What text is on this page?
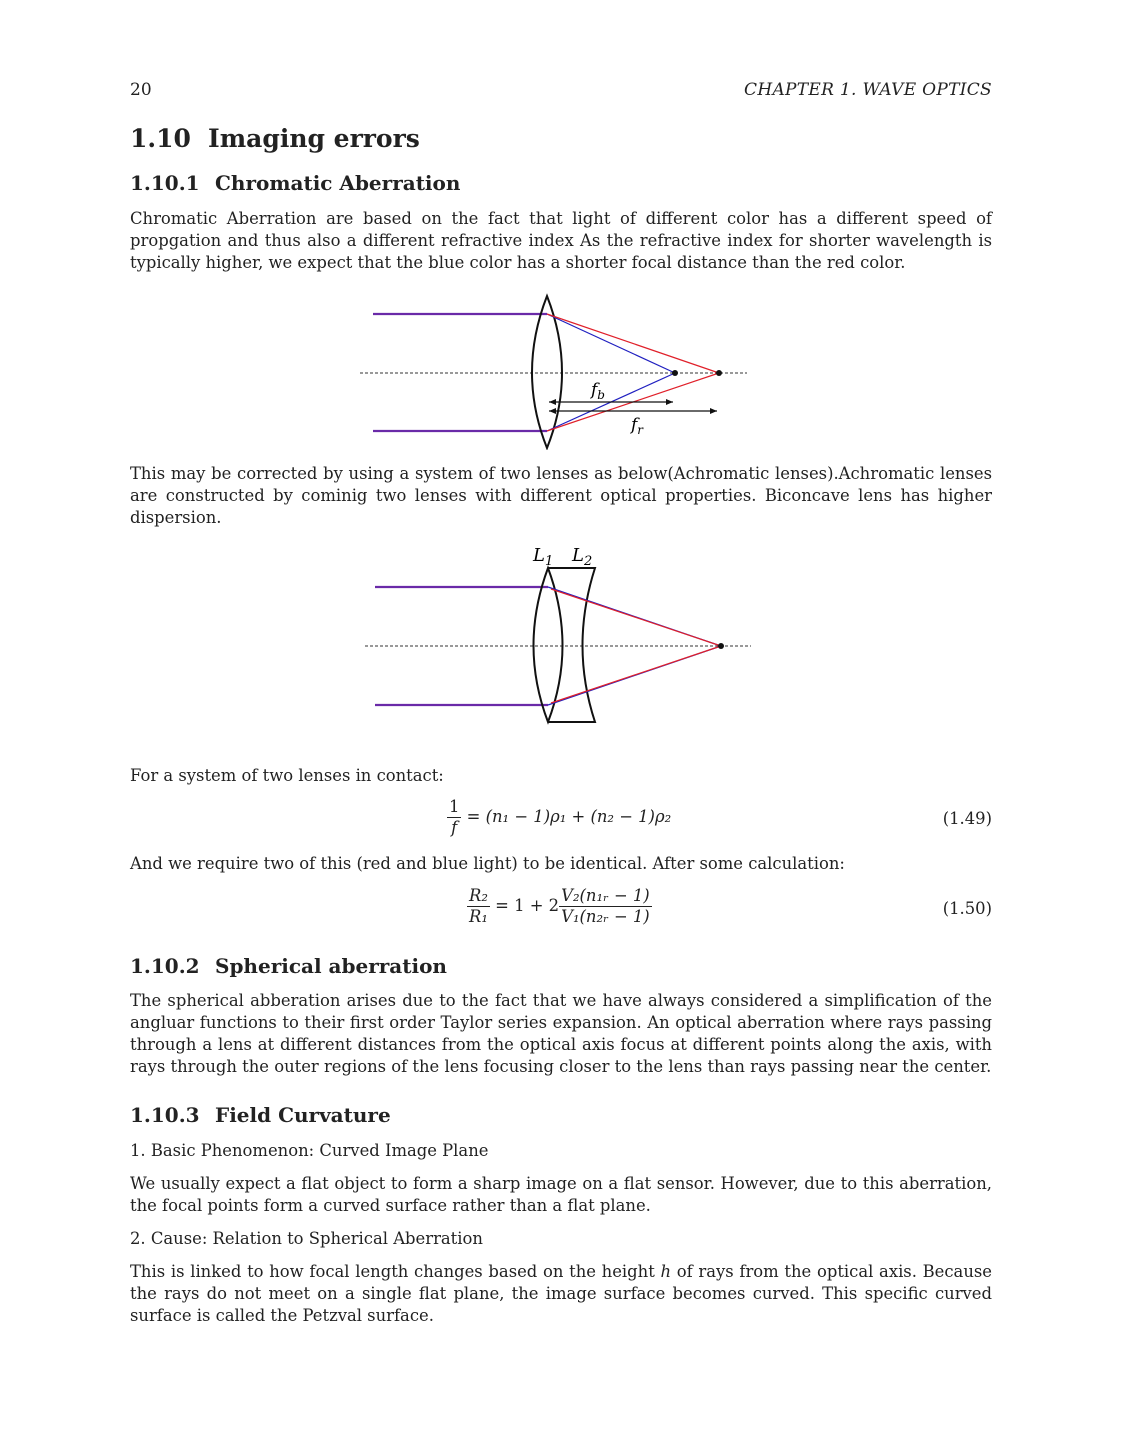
20	CHAPTER 1. WAVE OPTICS
1.10 Imaging errors
1.10.1 Chromatic Aberration
Chromatic Aberration are based on the fact that light of different color has a different speed of propgation and thus also a different refractive index As the refractive index for shorter wavelength is typically higher, we expect that the blue color has a shorter focal distance than the red color.
$f_b$
$f_r$
This may be corrected by using a system of two lenses as below(Achromatic lenses).Achromatic lenses are constructed by cominig two lenses with different optical properties. Biconcave lens has higher dispersion.
$L_1$ $L_2$
For a system of two lenses in contact:
$\frac{1}{f} = (n_1 - 1)\rho_1 + (n_2 - 1)\rho_2$	(1.49)
And we require two of this (red and blue light) to be identical. After some calculation:
$\frac{\text{R₂}}{\text{R₁}} = 1 + 2 \frac{\text{V₂(n₁ᵣ − 1)}}{\text{V₁(n₂ᵣ − 1)}}$	(1.50)
1.10.2 Spherical aberration
The spherical abberation arises due to the fact that we have always considered a simplification of the angluar functions to their first order Taylor series expansion. An optical aberration where rays passing through a lens at different distances from the optical axis focus at different points along the axis, with rays through the outer regions of the lens focusing closer to the lens than rays passing near the center.
1.10.3 Field Curvature
1. Basic Phenomenon: Curved Image Plane
We usually expect a flat object to form a sharp image on a flat sensor. However, due to this aberration, the focal points form a curved surface rather than a flat plane.
2. Cause: Relation to Spherical Aberration
This is linked to how focal length changes based on the height h of rays from the optical axis. Because the rays do not meet on a single flat plane, the image surface becomes curved. This specific curved surface is called the Petzval surface.
